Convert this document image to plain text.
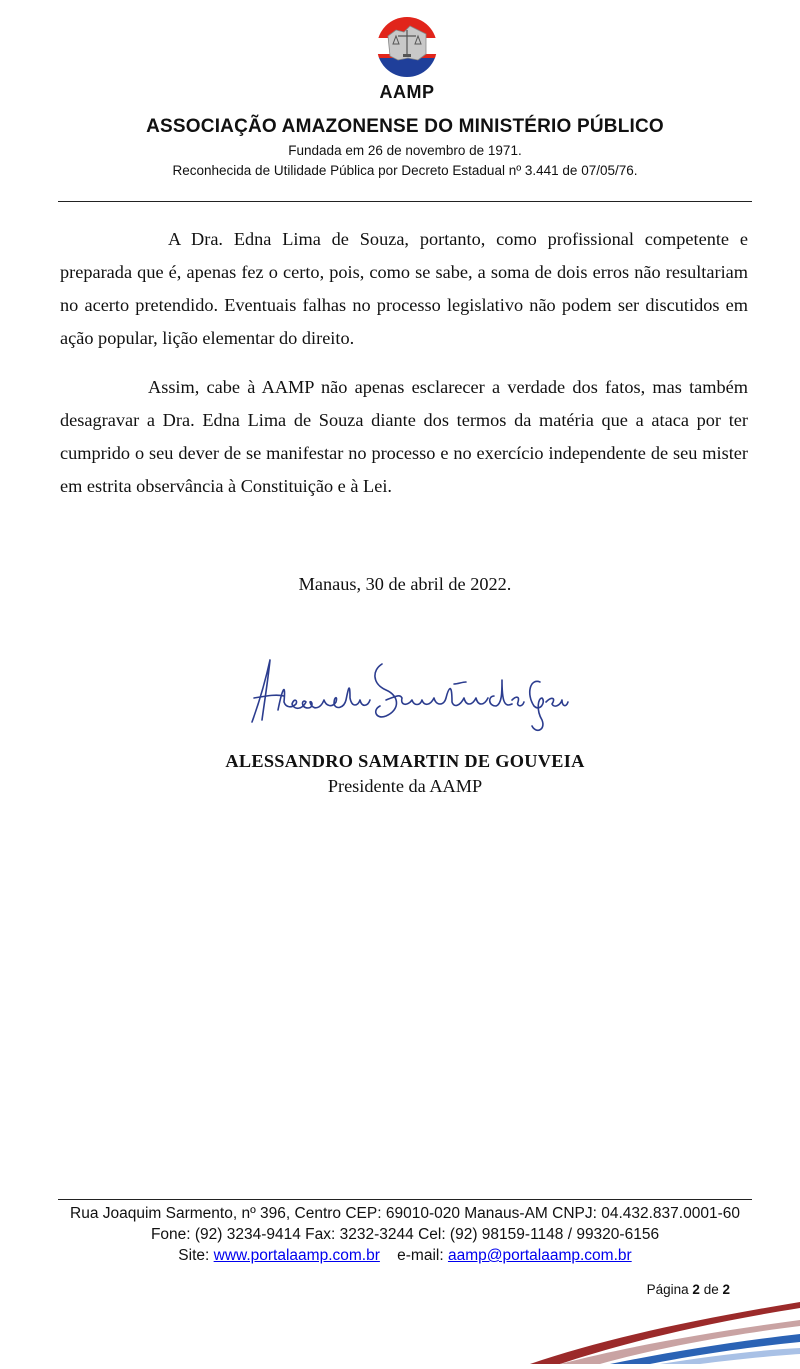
AAMP
ASSOCIAÇÃO AMAZONENSE DO MINISTÉRIO PÚBLICO
Fundada em 26 de novembro de 1971.
Reconhecida de Utilidade Pública por Decreto Estadual nº 3.441 de 07/05/76.

A Dra. Edna Lima de Souza, portanto, como profissional competente e preparada que é, apenas fez o certo, pois, como se sabe, a soma de dois erros não resultariam no acerto pretendido. Eventuais falhas no processo legislativo não podem ser discutidos em ação popular, lição elementar do direito.

Assim, cabe à AAMP não apenas esclarecer a verdade dos fatos, mas também desagravar a Dra. Edna Lima de Souza diante dos termos da matéria que a ataca por ter cumprido o seu dever de se manifestar no processo e no exercício independente de seu mister em estrita observância à Constituição e à Lei.

Manaus, 30 de abril de 2022.
ALESSANDRO SAMARTIN DE GOUVEIA
Presidente da AAMP
Rua Joaquim Sarmento, nº 396, Centro CEP: 69010-020 Manaus-AM CNPJ: 04.432.837.0001-60
Fone: (92) 3234-9414 Fax: 3232-3244 Cel: (92) 98159-1148 / 99320-6156
Site: www.portalaamp.com.br e-mail: aamp@portalaamp.com.br
Página 2 de 2
